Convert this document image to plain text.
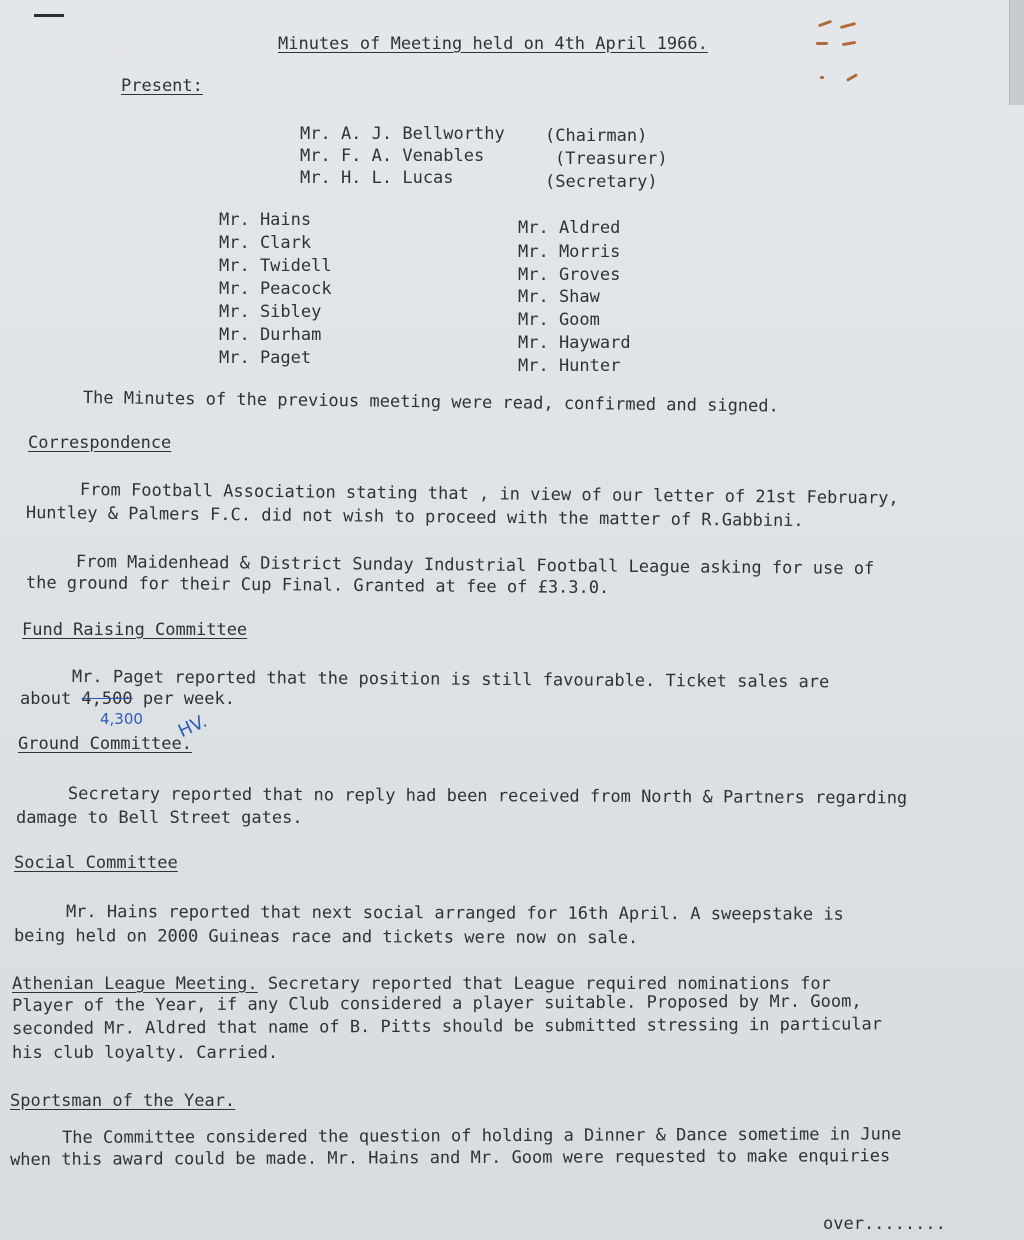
Minutes of Meeting held on 4th April 1966.
Present:
Mr. A. J. Bellworthy (Chairman)
Mr. F. A. Venables	(Treasurer)
Mr. H. L. Lucas	(Secretary)
Mr. Hains
Mr. Clark
Mr. Twidell
Mr. Peacock
Mr. Sibley
Mr. Durham
Mr. Paget
Mr. Aldred
Mr. Morris
Mr. Groves
Mr. Shaw
Mr. Goom
Mr. Hayward
Mr. Hunter
The Minutes of the previous meeting were read, confirmed and signed.
Correspondence
From Football Association stating that , in view of our letter of 21st February,
Huntley & Palmers F.C. did not wish to proceed with the matter of R.Gabbini.
From Maidenhead & District Sunday Industrial Football League asking for use of
the ground for their Cup Final. Granted at fee of £3.3.0.
Fund Raising Committee
Mr. Paget reported that the position is still favourable. Ticket sales are
about 4,500 per week.
4,300 HV.
Ground Committee.
Secretary reported that no reply had been received from North & Partners regarding
damage to Bell Street gates.
Social Committee
Mr. Hains reported that next social arranged for 16th April. A sweepstake is
being held on 2000 Guineas race and tickets were now on sale.
Athenian League Meeting. Secretary reported that League required nominations for
Player of the Year, if any Club considered a player suitable. Proposed by Mr. Goom,
seconded Mr. Aldred that name of B. Pitts should be submitted stressing in particular
his club loyalty. Carried.
Sportsman of the Year.
The Committee considered the question of holding a Dinner & Dance sometime in June
when this award could be made. Mr. Hains and Mr. Goom were requested to make enquiries
over........
